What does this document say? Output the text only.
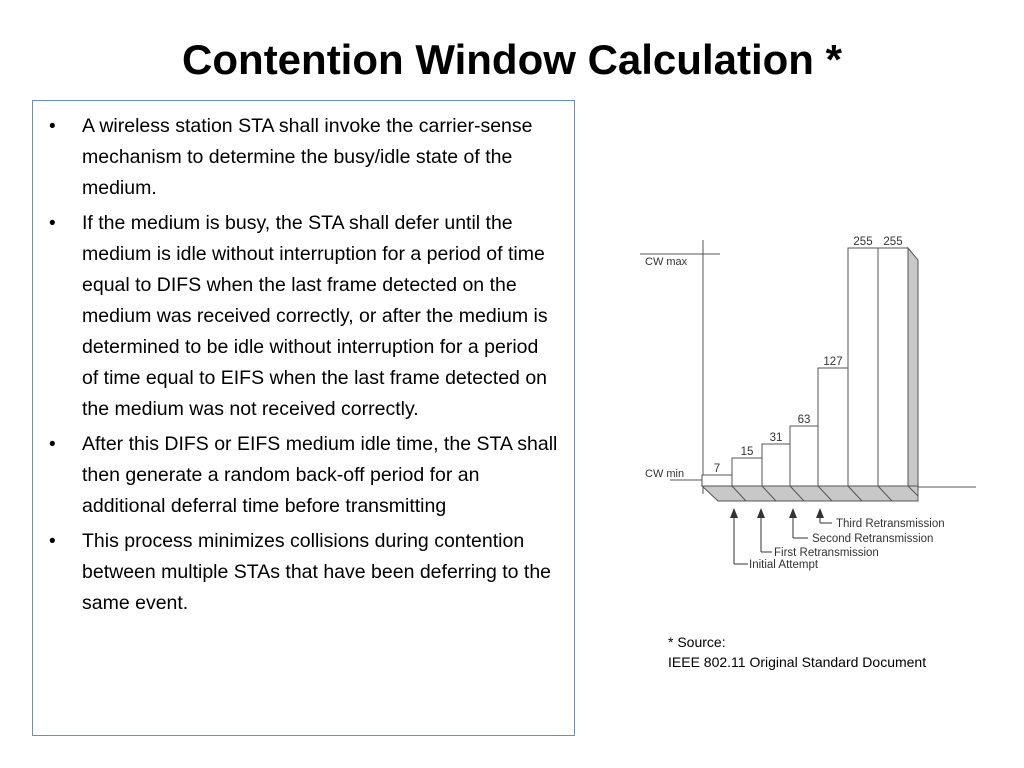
Contention Window Calculation *
• A wireless station STA shall invoke the carrier-sense mechanism to determine the busy/idle state of the medium.
• If the medium is busy, the STA shall defer until the medium is idle without interruption for a period of time equal to DIFS when the last frame detected on the medium was received correctly, or after the medium is determined to be idle without interruption for a period of time equal to EIFS when the last frame detected on the medium was not received correctly.
• After this DIFS or EIFS medium idle time, the STA shall then generate a random back-off period for an additional deferral time before transmitting
• This process minimizes collisions during contention between multiple STAs that have been deferring to the same event.
CW max
CW min	7
15
31
63
127
255 255
Initial Attempt
First Retransmission
Second Retransmission
Third Retransmission
* Source:
IEEE 802.11 Original Standard Document
